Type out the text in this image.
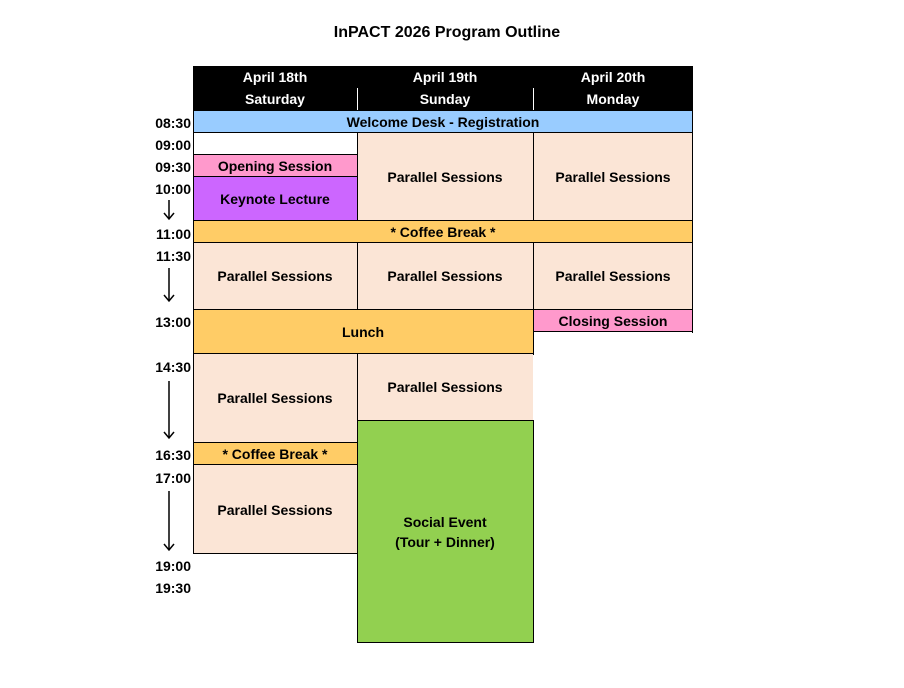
InPACT 2026 Program Outline
April 18th
Saturday
April 19th
Sunday
April 20th
Monday
08:30
09:00
09:30
10:00
11:00
11:30
13:00
14:30
16:30
17:00
19:00
19:30
Welcome Desk - Registration
Opening Session
Keynote Lecture
Parallel Sessions
Parallel Sessions
* Coffee Break *
Parallel Sessions
Parallel Sessions
Parallel Sessions
Parallel Sessions
Social Event
(Tour + Dinner)
Parallel Sessions
Parallel Sessions
Closing Session
* Coffee Break *
Lunch
